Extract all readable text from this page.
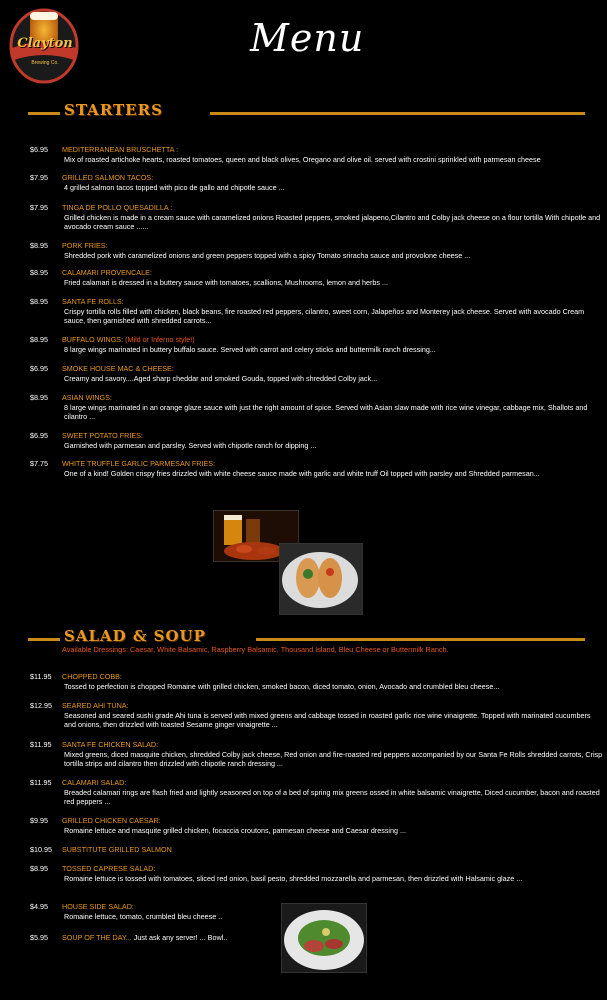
Clayton
Brewing Co.
Menu
STARTERS
$6.95	MEDITERRANEAN BRUSCHETTA :
Mix of roasted artichoke hearts, roasted tomatoes, queen and black olives, Oregano and olive oil. served with crostini sprinkled with parmesan cheese
$7.95	GRILLED SALMON TACOS:
4 grilled salmon tacos topped with pico de gallo and chipotle sauce ...
$7.95	TINGA DE POLLO QUESADILLA :
Grilled chicken is made in a cream sauce with caramelized onions Roasted peppers, smoked jalapeno,Cilantro and Colby jack cheese on a flour tortilla With chipotle and avocado cream sauce ......
$8.95	PORK FRIES:
Shredded pork with caramelized onions and green peppers topped with a spicy Tomato sriracha sauce and provolone cheese ...
$8.95	CALAMARI PROVENCALE:
Fried calamari is dressed in a buttery sauce with tomatoes, scallions, Mushrooms, lemon and herbs ...
$8.95	SANTA FE ROLLS:
Crispy tortilla rolls filled with chicken, black beans, fire roasted red peppers, cilantro, sweet corn, Jalapeños and Monterey jack cheese. Served with avocado Cream sauce, then garnished with shredded carrots...
$8.95	BUFFALO WINGS: (Mild or Inferno style!)
8 large wings marinated in buttery buffalo sauce. Served with carrot and celery sticks and buttermilk ranch dressing...
$6.95	SMOKE HOUSE MAC & CHEESE:
Creamy and savory....Aged sharp cheddar and smoked Gouda, topped with shredded Colby jack...
$8.95	ASIAN WINGS:
8 large wings marinated in an orange glaze sauce with just the right amount of spice. Served with Asian slaw made with rice wine vinegar, cabbage mix, Shallots and cilantro ...
$6.95	SWEET POTATO FRIES:
Garnished with parmesan and parsley. Served with chipotle ranch for dipping ...
$7.75	WHITE TRUFFLE GARLIC PARMESAN FRIES:
One of a kind! Golden crispy fries drizzled with white cheese sauce made with garlic and white truff Oil topped with parsley and Shredded parmesan...
SALAD & SOUP
Available Dressings: Caesar, White Balsamic, Raspberry Balsamic, Thousand Island, Bleu Cheese or Buttermilk Ranch.
$11.95	CHOPPED COBB:
Tossed to perfection is chopped Romaine with grilled chicken, smoked bacon, diced tomato, onion, Avocado and crumbled bleu cheese...
$12.95	SEARED AHI TUNA:
Seasoned and seared sushi grade Ahi tuna is served with mixed greens and cabbage tossed in roasted garlic rice wine vinaigrette. Topped with marinated cucumbers and onions, then drizzled with toasted Sesame ginger vinaigrette ...
$11.95	SANTA FE CHICKEN SALAD:
Mixed greens, diced masquite chicken, shredded Colby jack cheese, Red onion and fire-roasted red peppers accompanied by our Santa Fe Rolls shredded carrots, Crisp tortilla strips and cilantro then drizzled with chipotle ranch dressing ...
$11.95	CALAMARI SALAD:
Breaded calamari rings are flash fried and lightly seasoned on top of a bed of spring mix greens ossed in white balsamic vinaigrette, Diced cucumber, bacon and roasted red peppers ...
$9.95	GRILLED CHICKEN CAESAR:
Romaine lettuce and masquite grilled chicken, focaccia croutons, parmesan cheese and Caesar dressing ...
$10.95	SUBSTITUTE GRILLED SALMON
$8.95	TOSSED CAPRESE SALAD:
Romaine lettuce is tossed with tomatoes, sliced red onion, basil pesto, shredded mozzarella and parmesan, then drizzled with Halsamic glaze ...
$4.95	HOUSE SIDE SALAD:
Romaine lettuce, tomato, crumbled bleu cheese ..
$5.95	SOUP OF THE DAY... Just ask any server! ... Bowl..
